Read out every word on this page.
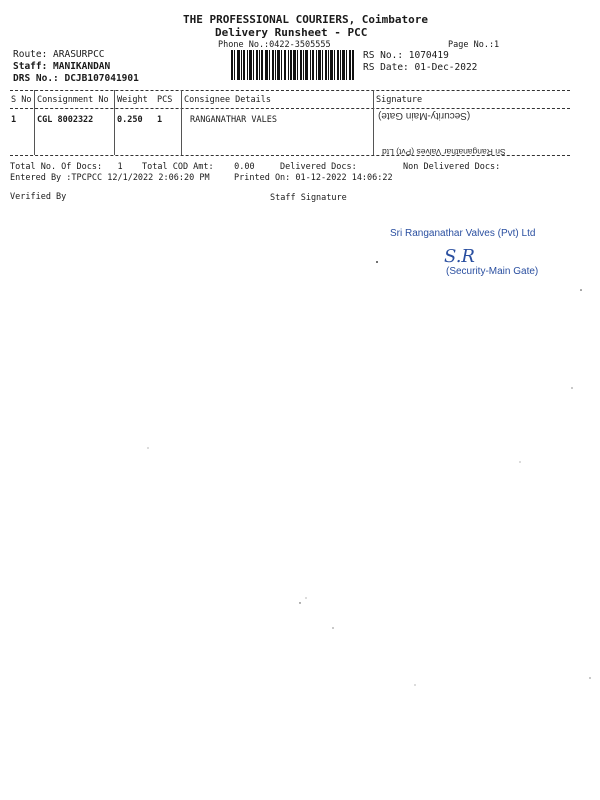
THE PROFESSIONAL COURIERS, Coimbatore
Delivery Runsheet - PCC
Phone No.:0422-3505555	Page No.:1
Route: ARASURPCC
Staff: MANIKANDAN
DRS No.: DCJB107041901
RS No.: 1070419
RS Date: 01-Dec-2022
S No Consignment No Weight PCS Consignee Details	Signature
1 CGL 8002322	0.250 1	RANGANATHAR VALES	(Security-Main Gate)
Sri Ranganathar Valves (Pvt) Ltd
Total No. Of Docs:   1 Total COD Amt:    0.00	Delivered Docs:	Non Delivered Docs:
Entered By :TPCPCC 12/1/2022 2:06:20 PM	Printed On: 01-12-2022 14:06:22
Verified By	Staff Signature
Sri Ranganathar Valves (Pvt) Ltd
S.R
(Security-Main Gate)
